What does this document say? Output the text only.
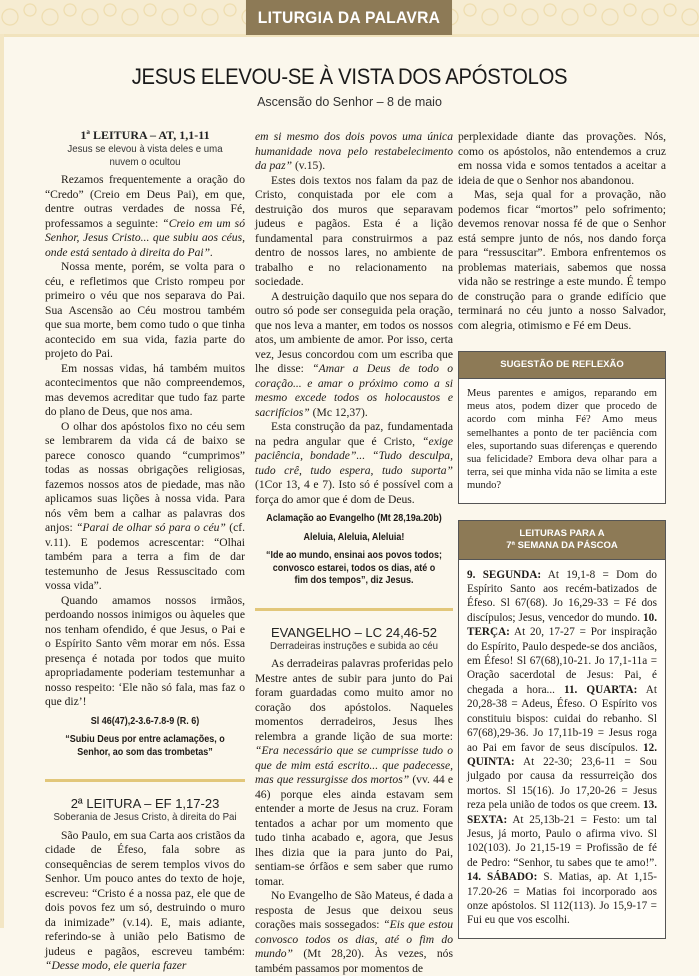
LITURGIA DA PALAVRA
JESUS ELEVOU-SE À VISTA DOS APÓSTOLOS
Ascensão do Senhor – 8 de maio
1ª LEITURA – AT, 1,1-11
Jesus se elevou à vista deles e uma nuvem o ocultou

Rezamos frequentemente a oração do “Credo” (Creio em Deus Pai), em que, dentre outras verdades de nossa Fé, professamos a seguinte: “Creio em um só Senhor, Jesus Cristo... que subiu aos céus, onde está sentado à direita do Pai”.

Nossa mente, porém, se volta para o céu, e refletimos que Cristo rompeu por primeiro o véu que nos separava do Pai. Sua Ascensão ao Céu mostrou também que sua morte, bem como tudo o que tinha acontecido em sua vida, fazia parte do projeto do Pai.

Em nossas vidas, há também muitos acontecimentos que não compreendemos, mas devemos acreditar que tudo faz parte do plano de Deus, que nos ama.

O olhar dos apóstolos fixo no céu sem se lembrarem da vida cá de baixo se parece conosco quando “cumprimos” todas as nossas obrigações religiosas, fazemos nossos atos de piedade, mas não aplicamos suas lições à nossa vida. Para nós vêm bem a calhar as palavras dos anjos: “Parai de olhar só para o céu” (cf. v.11). E podemos acrescentar: “Olhai também para a terra a fim de dar testemunho de Jesus Ressuscitado com vossa vida”.

Quando amamos nossos irmãos, perdoando nossos inimigos ou àqueles que nos tenham ofendido, é que Jesus, o Pai e o Espírito Santo vêm morar em nós. Essa presença é notada por todos que muito apropriadamente poderiam testemunhar a nosso respeito: ‘Ele não só fala, mas faz o que diz’!

Sl 46(47),2-3.6-7.8-9 (R. 6)
“Subiu Deus por entre aclamações, o Senhor, ao som das trombetas”
2ª LEITURA – EF 1,17-23
Soberania de Jesus Cristo, à direita do Pai

São Paulo, em sua Carta aos cristãos da cidade de Éfeso, fala sobre as consequências de serem templos vivos do Senhor. Um pouco antes do texto de hoje, escreveu: “Cristo é a nossa paz, ele que de dois povos fez um só, destruindo o muro da inimizade” (v.14). E, mais adiante, referindo-se à união pelo Batismo de judeus e pagãos, escreveu também: “Desse modo, ele queria fazer

em si mesmo dos dois povos uma única humanidade nova pelo restabelecimento da paz” (v.15).

Estes dois textos nos falam da paz de Cristo, conquistada por ele com a destruição dos muros que separavam judeus e pagãos. Esta é a lição fundamental para construirmos a paz dentro de nossos lares, no ambiente de trabalho e no relacionamento na sociedade.

A destruição daquilo que nos separa do outro só pode ser conseguida pela oração, que nos leva a manter, em todos os nossos atos, um ambiente de amor. Por isso, certa vez, Jesus concordou com um escriba que lhe disse: “Amar a Deus de todo o coração... e amar o próximo como a si mesmo excede todos os holocaustos e sacrifícios” (Mc 12,37).

Esta construção da paz, fundamentada na pedra angular que é Cristo, “exige paciência, bondade”... “Tudo desculpa, tudo crê, tudo espera, tudo suporta” (1Cor 13, 4 e 7). Isto só é possível com a força do amor que é dom de Deus.

Aclamação ao Evangelho (Mt 28,19a.20b)
Aleluia, Aleluia, Aleluia!
“Ide ao mundo, ensinai aos povos todos; convosco estarei, todos os dias, até o fim dos tempos”, diz Jesus.
EVANGELHO – LC 24,46-52
Derradeiras instruções e subida ao céu

As derradeiras palavras proferidas pelo Mestre antes de subir para junto do Pai foram guardadas como muito amor no coração dos apóstolos. Naqueles momentos derradeiros, Jesus lhes relembra a grande lição de sua morte: “Era necessário que se cumprisse tudo o que de mim está escrito... que padecesse, mas que ressurgisse dos mortos” (vv. 44 e 46) porque eles ainda estavam sem entender a morte de Jesus na cruz. Foram tentados a achar por um momento que tudo tinha acabado e, agora, que Jesus lhes dizia que ia para junto do Pai, sentiam-se órfãos e sem saber que rumo tomar.

No Evangelho de São Mateus, é dada a resposta de Jesus que deixou seus corações mais sossegados: “Eis que estou convosco todos os dias, até o fim do mundo” (Mt 28,20). Às vezes, nós também passamos por momentos de

perplexidade diante das provações. Nós, como os apóstolos, não entendemos a cruz em nossa vida e somos tentados a aceitar a ideia de que o Senhor nos abandonou.

Mas, seja qual for a provação, não podemos ficar “mortos” pelo sofrimento; devemos renovar nossa fé de que o Senhor está sempre junto de nós, nos dando força para “ressuscitar”. Embora enfrentemos os problemas materiais, sabemos que nossa vida não se restringe a este mundo. É tempo de construção para o grande edifício que terminará no céu junto a nosso Salvador, com alegria, otimismo e Fé em Deus.

SUGESTÃO DE REFLEXÃO

Meus parentes e amigos, reparando em meus atos, podem dizer que procedo de acordo com minha Fé? Amo meus semelhantes a ponto de ter paciência com eles, suportando suas diferenças e querendo sua felicidade? Embora deva olhar para a terra, sei que minha vida não se limita a este mundo?

LEITURAS PARA A
7ª SEMANA DA PÁSCOA

9. SEGUNDA: At 19,1-8 = Dom do Espírito Santo aos recém-batizados de Éfeso. Sl 67(68). Jo 16,29-33 = Fé dos discípulos; Jesus, vencedor do mundo. 10. TERÇA: At 20, 17-27 = Por inspiração do Espírito, Paulo despede-se dos anciãos, em Éfeso! Sl 67(68),10-21. Jo 17,1-11a = Oração sacerdotal de Jesus: Pai, é chegada a hora... 11. QUARTA: At 20,28-38 = Adeus, Éfeso. O Espírito vos constituiu bispos: cuidai do rebanho. Sl 67(68),29-36. Jo 17,11b-19 = Jesus roga ao Pai em favor de seus discípulos. 12. QUINTA: At 22-30; 23,6-11 = Sou julgado por causa da ressurreição dos mortos. Sl 15(16). Jo 17,20-26 = Jesus reza pela união de todos os que creem. 13. SEXTA: At 25,13b-21 = Festo: um tal Jesus, já morto, Paulo o afirma vivo. Sl 102(103). Jo 21,15-19 = Profissão de fé de Pedro: “Senhor, tu sabes que te amo!”. 14. SÁBADO: S. Matias, ap. At 1,15-17.20-26 = Matias foi incorporado aos onze apóstolos. Sl 112(113). Jo 15,9-17 = Fui eu que vos escolhi.
